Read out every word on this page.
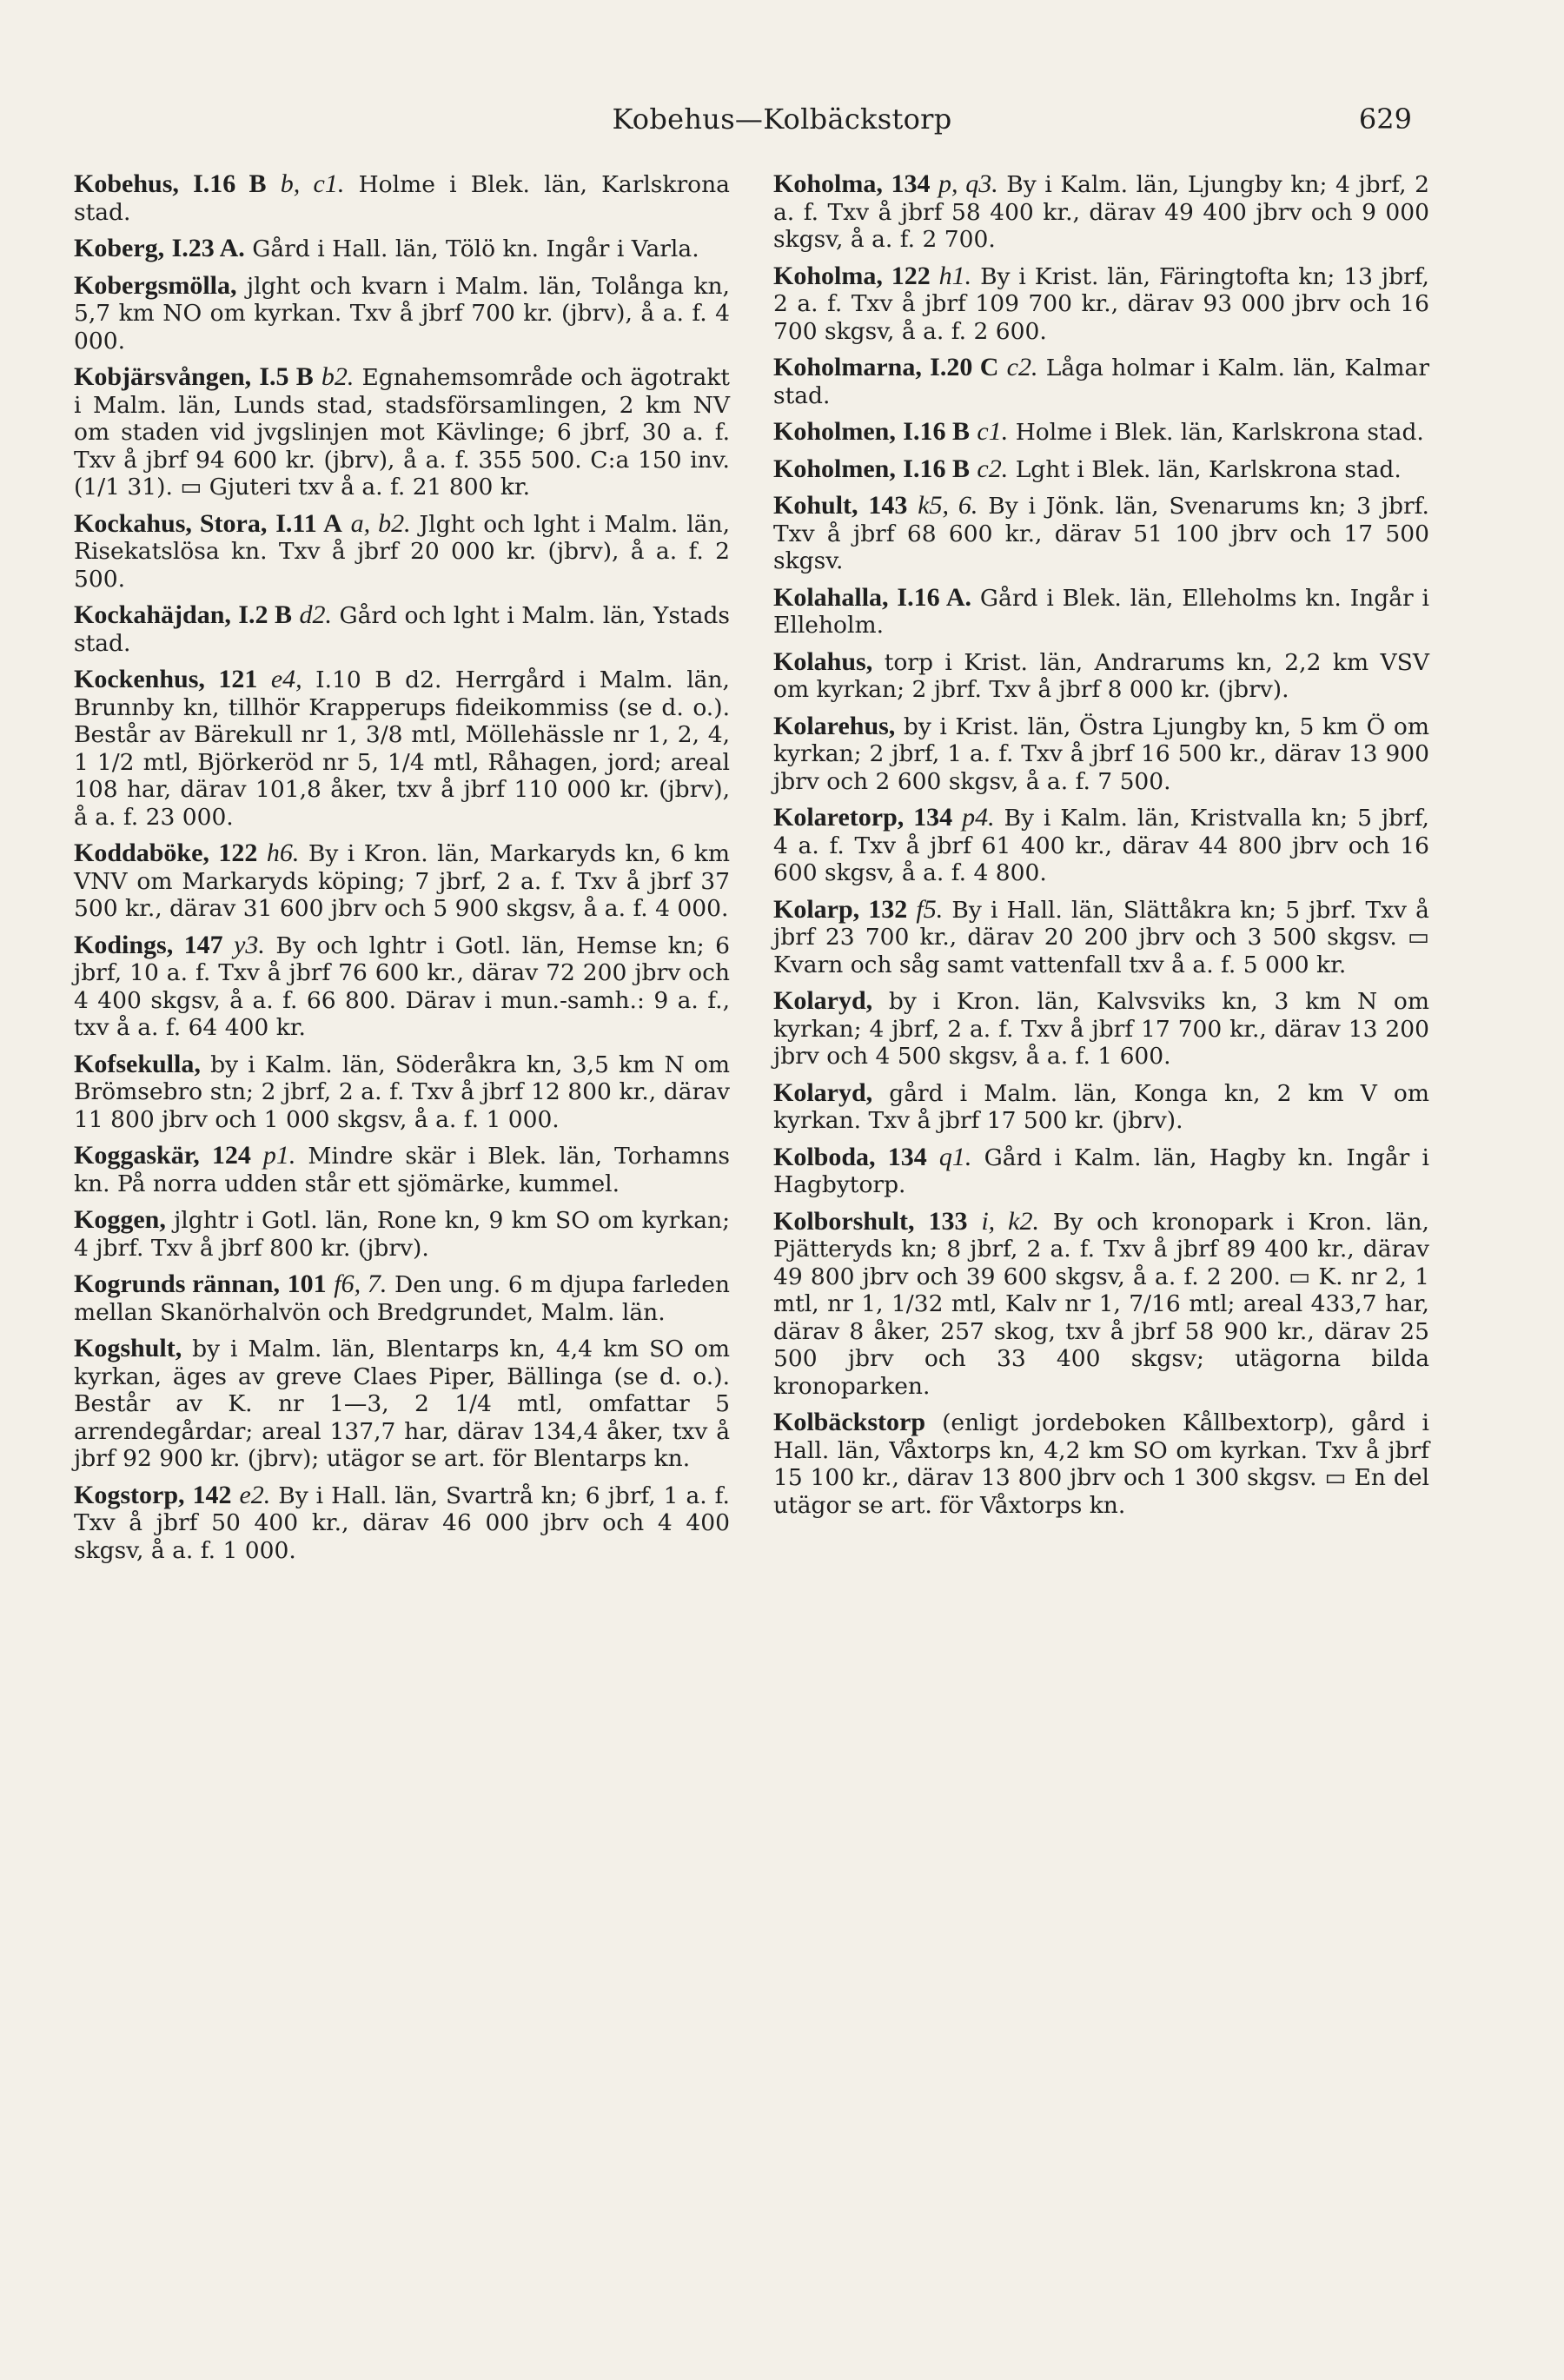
Kobehus—Kolbäckstorp	629

Kobehus, I.16 B b, c1. Holme i Blek. län, Karlskrona stad.

Koberg, I.23 A. Gård i Hall. län, Tölö kn. Ingår i Varla.

Kobergsmölla, jlght och kvarn i Malm. län, Tolånga kn, 5,7 km NO om kyrkan. Txv å jbrf 700 kr. (jbrv), å a. f. 4 000.

Kobjärsvången, I.5 B b2. Egnahemsområde och ägotrakt i Malm. län, Lunds stad, stadsförsamlingen, 2 km NV om staden vid jvgslinjen mot Kävlinge; 6 jbrf, 30 a. f. Txv å jbrf 94 600 kr. (jbrv), å a. f. 355 500. C:a 150 inv. (1/1 31). ▭ Gjuteri txv å a. f. 21 800 kr.

Kockahus, Stora, I.11 A a, b2. Jlght och lght i Malm. län, Risekatslösa kn. Txv å jbrf 20 000 kr. (jbrv), å a. f. 2 500.

Kockahäjdan, I.2 B d2. Gård och lght i Malm. län, Ystads stad.

Kockenhus, 121 e4, I.10 B d2. Herrgård i Malm. län, Brunnby kn, tillhör Krapperups fideikommiss (se d. o.). Består av Bärekull nr 1, 3/8 mtl, Möllehässle nr 1, 2, 4, 1 1/2 mtl, Björkeröd nr 5, 1/4 mtl, Råhagen, jord; areal 108 har, därav 101,8 åker, txv å jbrf 110 000 kr. (jbrv), å a. f. 23 000.

Koddaböke, 122 h6. By i Kron. län, Markaryds kn, 6 km VNV om Markaryds köping; 7 jbrf, 2 a. f. Txv å jbrf 37 500 kr., därav 31 600 jbrv och 5 900 skgsv, å a. f. 4 000.

Kodings, 147 y3. By och lghtr i Gotl. län, Hemse kn; 6 jbrf, 10 a. f. Txv å jbrf 76 600 kr., därav 72 200 jbrv och 4 400 skgsv, å a. f. 66 800. Därav i mun.-samh.: 9 a. f., txv å a. f. 64 400 kr.

Kofsekulla, by i Kalm. län, Söderåkra kn, 3,5 km N om Brömsebro stn; 2 jbrf, 2 a. f. Txv å jbrf 12 800 kr., därav 11 800 jbrv och 1 000 skgsv, å a. f. 1 000.

Koggaskär, 124 p1. Mindre skär i Blek. län, Torhamns kn. På norra udden står ett sjömärke, kummel.

Koggen, jlghtr i Gotl. län, Rone kn, 9 km SO om kyrkan; 4 jbrf. Txv å jbrf 800 kr. (jbrv).

Kogrunds rännan, 101 f6, 7. Den ung. 6 m djupa farleden mellan Skanörhalvön och Bredgrundet, Malm. län.

Kogshult, by i Malm. län, Blentarps kn, 4,4 km SO om kyrkan, äges av greve Claes Piper, Bällinga (se d. o.). Består av K. nr 1—3, 2 1/4 mtl, omfattar 5 arrendegårdar; areal 137,7 har, därav 134,4 åker, txv å jbrf 92 900 kr. (jbrv); utägor se art. för Blentarps kn.

Kogstorp, 142 e2. By i Hall. län, Svartrå kn; 6 jbrf, 1 a. f. Txv å jbrf 50 400 kr., därav 46 000 jbrv och 4 400 skgsv, å a. f. 1 000.

Koholma, 134 p, q3. By i Kalm. län, Ljungby kn; 4 jbrf, 2 a. f. Txv å jbrf 58 400 kr., därav 49 400 jbrv och 9 000 skgsv, å a. f. 2 700.

Koholma, 122 h1. By i Krist. län, Färingtofta kn; 13 jbrf, 2 a. f. Txv å jbrf 109 700 kr., därav 93 000 jbrv och 16 700 skgsv, å a. f. 2 600.

Koholmarna, I.20 C c2. Låga holmar i Kalm. län, Kalmar stad.

Koholmen, I.16 B c1. Holme i Blek. län, Karlskrona stad.

Koholmen, I.16 B c2. Lght i Blek. län, Karlskrona stad.

Kohult, 143 k5, 6. By i Jönk. län, Svenarums kn; 3 jbrf. Txv å jbrf 68 600 kr., därav 51 100 jbrv och 17 500 skgsv.

Kolahalla, I.16 A. Gård i Blek. län, Elleholms kn. Ingår i Elleholm.

Kolahus, torp i Krist. län, Andrarums kn, 2,2 km VSV om kyrkan; 2 jbrf. Txv å jbrf 8 000 kr. (jbrv).

Kolarehus, by i Krist. län, Östra Ljungby kn, 5 km Ö om kyrkan; 2 jbrf, 1 a. f. Txv å jbrf 16 500 kr., därav 13 900 jbrv och 2 600 skgsv, å a. f. 7 500.

Kolaretorp, 134 p4. By i Kalm. län, Kristvalla kn; 5 jbrf, 4 a. f. Txv å jbrf 61 400 kr., därav 44 800 jbrv och 16 600 skgsv, å a. f. 4 800.

Kolarp, 132 f5. By i Hall. län, Slättåkra kn; 5 jbrf. Txv å jbrf 23 700 kr., därav 20 200 jbrv och 3 500 skgsv. ▭ Kvarn och såg samt vattenfall txv å a. f. 5 000 kr.

Kolaryd, by i Kron. län, Kalvsviks kn, 3 km N om kyrkan; 4 jbrf, 2 a. f. Txv å jbrf 17 700 kr., därav 13 200 jbrv och 4 500 skgsv, å a. f. 1 600.

Kolaryd, gård i Malm. län, Konga kn, 2 km V om kyrkan. Txv å jbrf 17 500 kr. (jbrv).

Kolboda, 134 q1. Gård i Kalm. län, Hagby kn. Ingår i Hagbytorp.

Kolborshult, 133 i, k2. By och kronopark i Kron. län, Pjätteryds kn; 8 jbrf, 2 a. f. Txv å jbrf 89 400 kr., därav 49 800 jbrv och 39 600 skgsv, å a. f. 2 200. ▭ K. nr 2, 1 mtl, nr 1, 1/32 mtl, Kalv nr 1, 7/16 mtl; areal 433,7 har, därav 8 åker, 257 skog, txv å jbrf 58 900 kr., därav 25 500 jbrv och 33 400 skgsv; utägorna bilda kronoparken.

Kolbäckstorp (enligt jordeboken Kållbextorp), gård i Hall. län, Våxtorps kn, 4,2 km SO om kyrkan. Txv å jbrf 15 100 kr., därav 13 800 jbrv och 1 300 skgsv. ▭ En del utägor se art. för Våxtorps kn.
